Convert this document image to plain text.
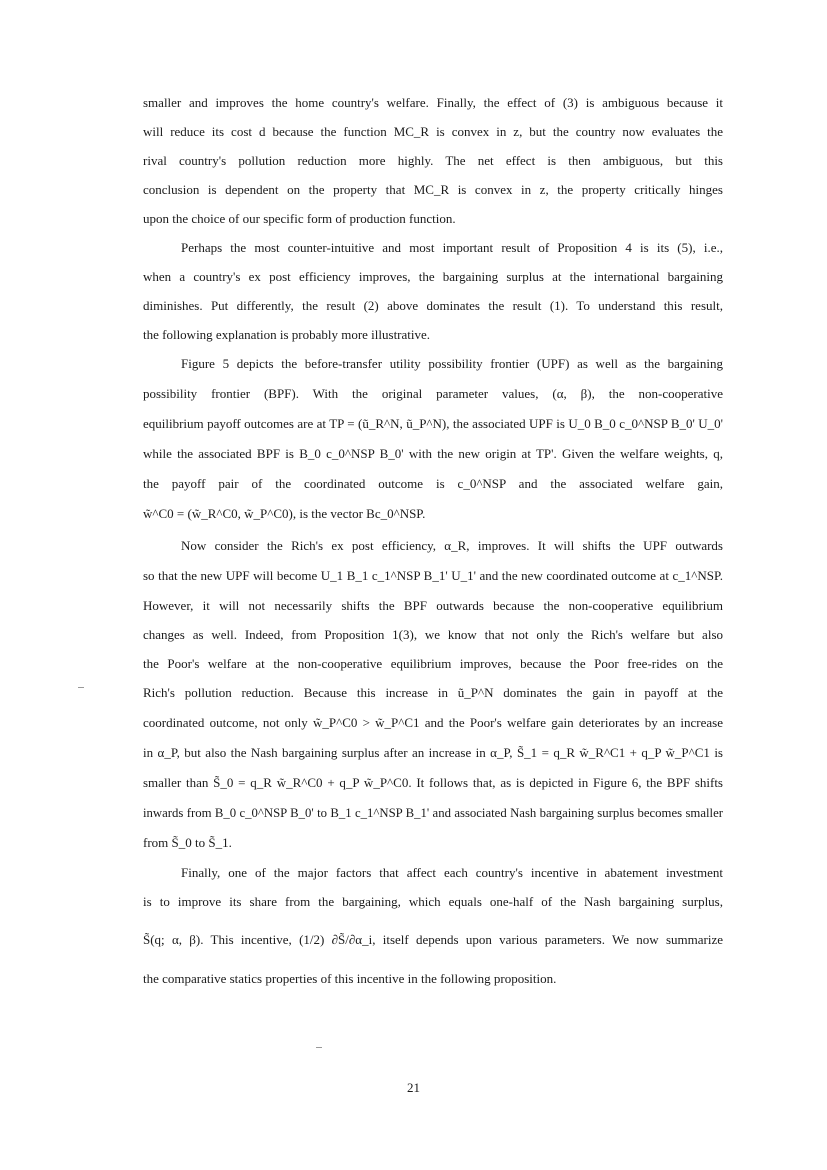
smaller and improves the home country's welfare. Finally, the effect of (3) is ambiguous because it
will reduce its cost d because the function MC_R is convex in z, but the country now evaluates the
rival country's pollution reduction more highly. The net effect is then ambiguous, but this
conclusion is dependent on the property that MC_R is convex in z, the property critically hinges
upon the choice of our specific form of production function.
Perhaps the most counter-intuitive and most important result of Proposition 4 is its (5), i.e.,
when a country's ex post efficiency improves, the bargaining surplus at the international bargaining
diminishes. Put differently, the result (2) above dominates the result (1). To understand this result,
the following explanation is probably more illustrative.
Figure 5 depicts the before-transfer utility possibility frontier (UPF) as well as the bargaining
possibility frontier (BPF). With the original parameter values, (α, β), the non-cooperative
equilibrium payoff outcomes are at TP = (ũ_R^N, ũ_P^N), the associated UPF is U_0 B_0 c_0^NSP B_0' U_0'
while the associated BPF is B_0 c_0^NSP B_0' with the new origin at TP'. Given the welfare weights, q,
the payoff pair of the coordinated outcome is c_0^NSP and the associated welfare gain,
w̃^C0 = (w̃_R^C0, w̃_P^C0), is the vector Bc_0^NSP.
Now consider the Rich's ex post efficiency, α_R, improves. It will shifts the UPF outwards
so that the new UPF will become U_1 B_1 c_1^NSP B_1' U_1' and the new coordinated outcome at c_1^NSP.
However, it will not necessarily shifts the BPF outwards because the non-cooperative equilibrium
changes as well. Indeed, from Proposition 1(3), we know that not only the Rich's welfare but also
the Poor's welfare at the non-cooperative equilibrium improves, because the Poor free-rides on the
Rich's pollution reduction. Because this increase in ũ_P^N dominates the gain in payoff at the
coordinated outcome, not only w̃_P^C0 > w̃_P^C1 and the Poor's welfare gain deteriorates by an increase
in α_P, but also the Nash bargaining surplus after an increase in α_P, S̃_1 = q_R w̃_R^C1 + q_P w̃_P^C1 is
smaller than S̃_0 = q_R w̃_R^C0 + q_P w̃_P^C0. It follows that, as is depicted in Figure 6, the BPF shifts
inwards from B_0 c_0^NSP B_0' to B_1 c_1^NSP B_1' and associated Nash bargaining surplus becomes smaller
from S̃_0 to S̃_1.
Finally, one of the major factors that affect each country's incentive in abatement investment
is to improve its share from the bargaining, which equals one-half of the Nash bargaining surplus,
S̃(q; α, β). This incentive, (1/2) ∂S̃/∂α_i, itself depends upon various parameters. We now summarize
the comparative statics properties of this incentive in the following proposition.
21
